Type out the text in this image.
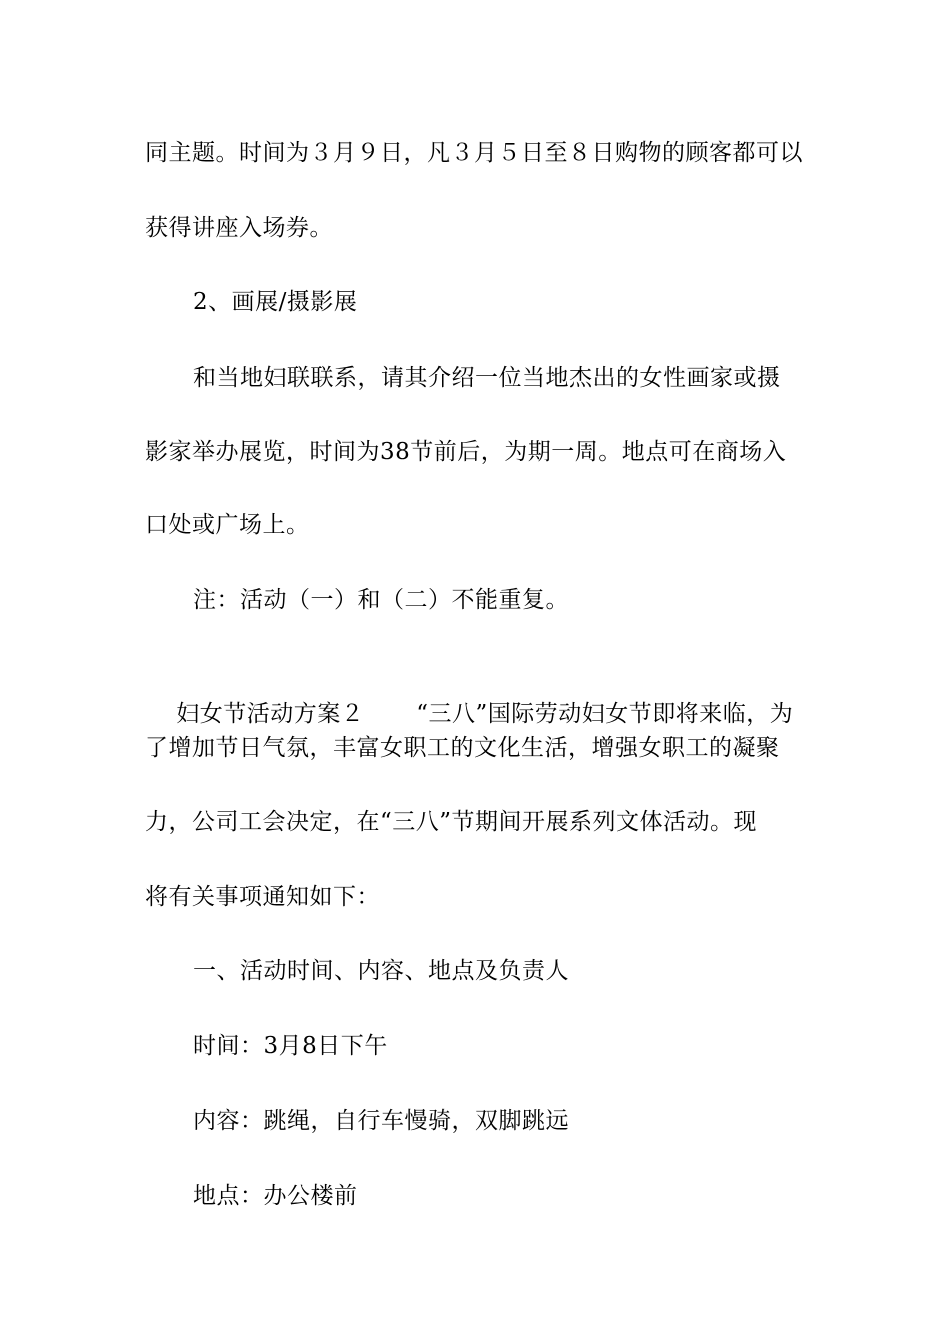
同主题。时间为３月９日，凡３月５日至８日购物的顾客都可以
获得讲座入场券。
2、画展/摄影展
和当地妇联联系，请其介绍一位当地杰出的女性画家或摄
影家举办展览，时间为38节前后，为期一周。地点可在商场入
口处或广场上。
注：活动（一）和（二）不能重复。

妇女节活动方案２ “三八”国际劳动妇女节即将来临，为

了增加节日气氛，丰富女职工的文化生活，增强女职工的凝聚
力，公司工会决定，在“三八”节期间开展系列文体活动。现
将有关事项通知如下：
一、活动时间、内容、地点及负责人
时间：3月8日下午
内容：跳绳，自行车慢骑，双脚跳远
地点：办公楼前
